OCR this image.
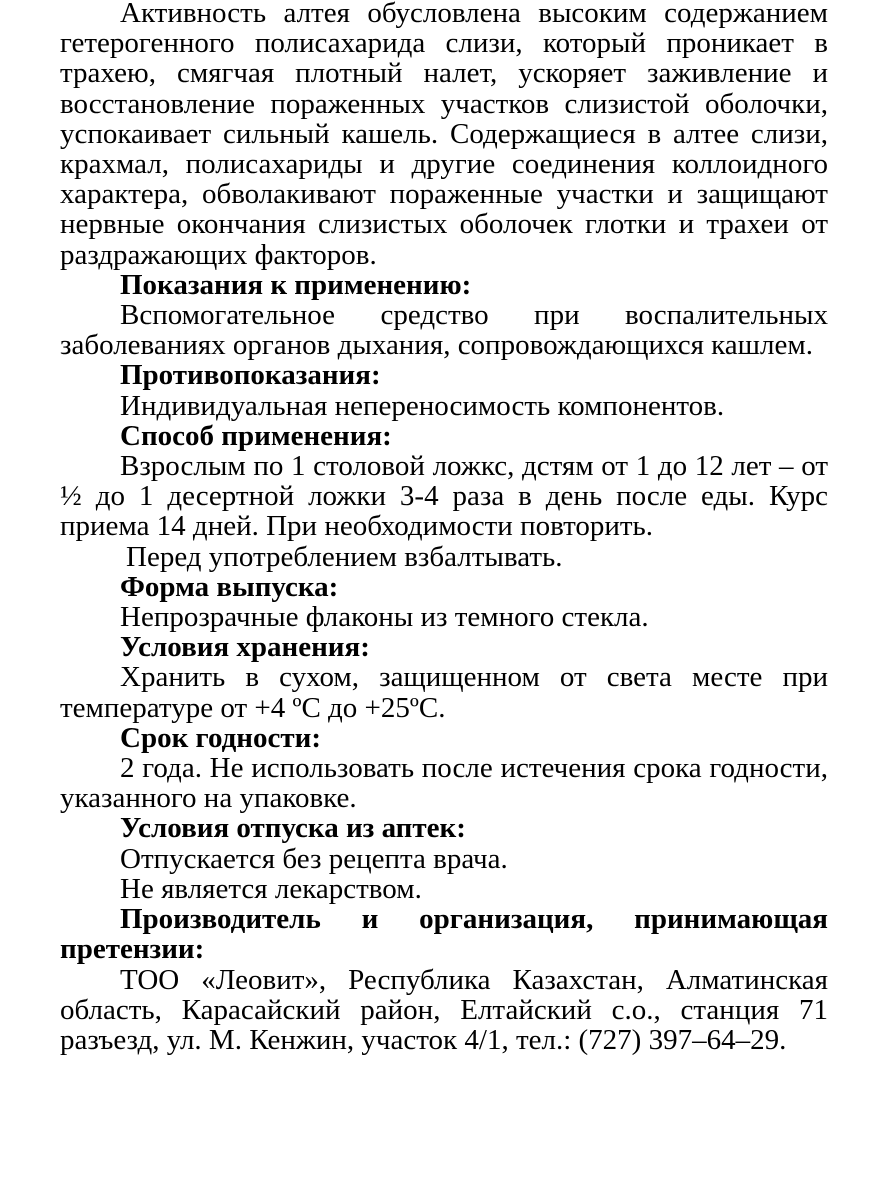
Активность алтея обусловлена высоким содержанием гетерогенного полисахарида слизи, который проникает в трахею, смягчая плотный налет, ускоряет заживление и восстановление пораженных участков слизистой оболочки, успокаивает сильный кашель. Содержащиеся в алтее слизи, крахмал, полисахариды и другие соединения коллоидного характера, обволакивают пораженные участки и защищают нервные окончания слизистых оболочек глотки и трахеи от раздражающих факторов.

Показания к применению:

Вспомогательное средство при воспалительных заболеваниях органов дыхания, сопровождающихся кашлем.

Противопоказания:

Индивидуальная непереносимость компонентов.

Способ применения:

Взрослым по 1 столовой ложкс, дстям от 1 до 12 лет – от ½ до 1 десертной ложки 3-4 раза в день после еды. Курс приема 14 дней. При необходимости повторить.

Перед употреблением взбалтывать.

Форма выпуска:

Непрозрачные флаконы из темного стекла.

Условия хранения:

Хранить в сухом, защищенном от света месте при температуре от +4 ºС до +25ºС.

Срок годности:

2 года. Не использовать после истечения срока годности, указанного на упаковке.

Условия отпуска из аптек:

Отпускается без рецепта врача.

Не является лекарством.

Производитель и организация, принимающая претензии:

ТОО «Леовит», Республика Казахстан, Алматинская область, Карасайский район, Елтайский с.о., станция 71 разъезд, ул. М. Кенжин, участок 4/1, тел.: (727) 397–64–29.
